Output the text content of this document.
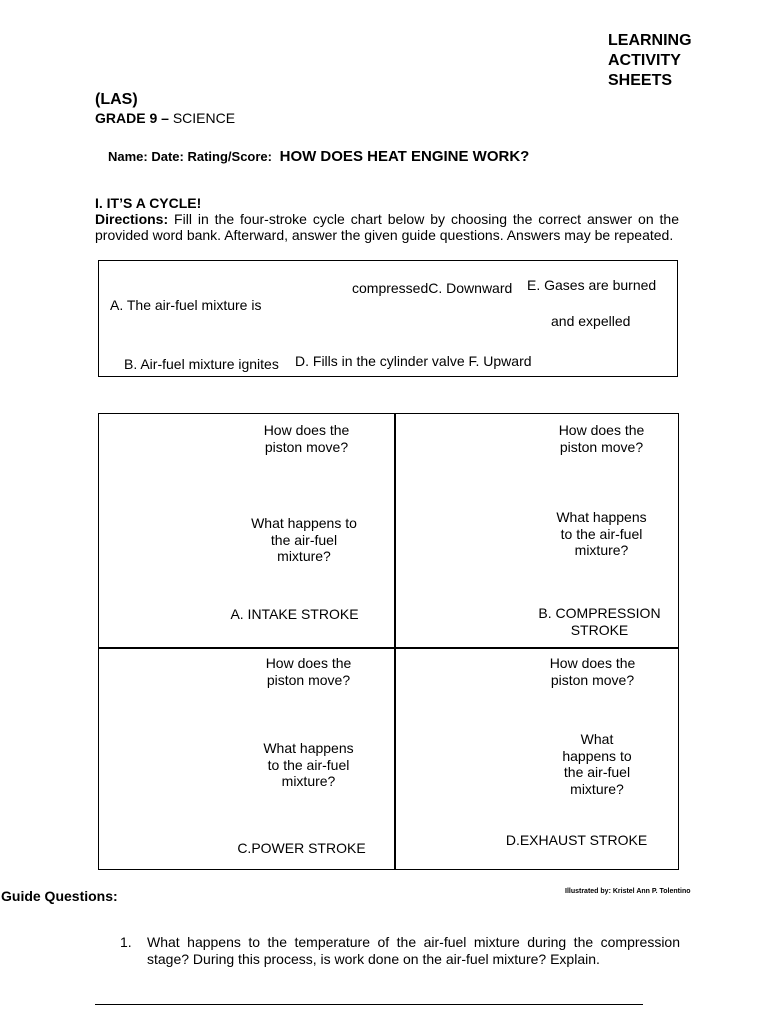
LEARNING
ACTIVITY
SHEETS
(LAS)
GRADE 9 – SCIENCE
Name: Date: Rating/Score: HOW DOES HEAT ENGINE WORK?
I. IT’S A CYCLE!
Directions: Fill in the four-stroke cycle chart below by choosing the correct answer on the provided word bank. Afterward, answer the given guide questions. Answers may be repeated.
A. The air-fuel mixture is
compressedC. Downward E. Gases are burned
and expelled
B. Air-fuel mixture ignites D. Fills in the cylinder valve F. Upward
How does the
piston move?
What happens to
the air-fuel
mixture?
A. INTAKE STROKE
How does the
piston move?
What happens
to the air-fuel
mixture?
B. COMPRESSION
STROKE
How does the
piston move?
What happens
to the air-fuel
mixture?
C.POWER STROKE
How does the
piston move?
What
happens to
the air-fuel
mixture?
D.EXHAUST STROKE
Guide Questions:	Illustrated by: Kristel Ann P. Tolentino
1. What happens to the temperature of the air-fuel mixture during the compression stage? During this process, is work done on the air-fuel mixture? Explain.
